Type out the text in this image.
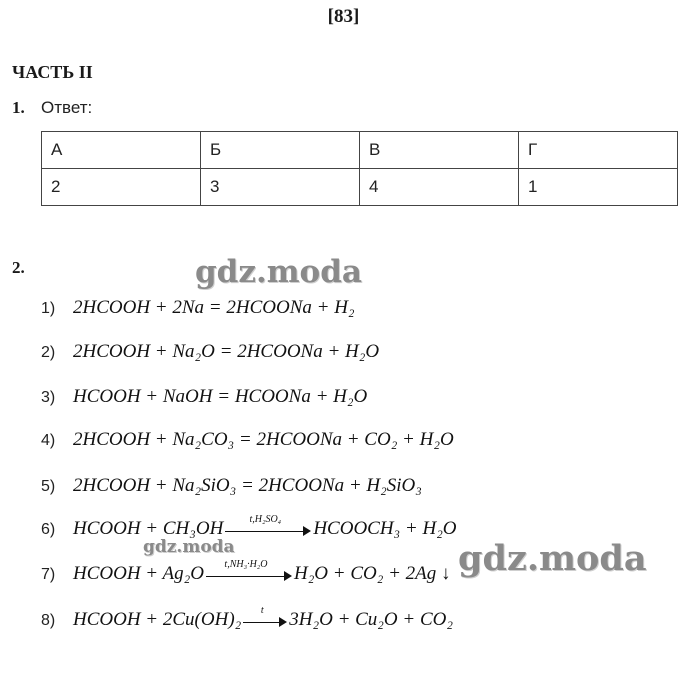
[83]
ЧАСТЬ II
1. Ответ:
А	Б	В	Г
2	3	4	1
2.
1) 2HCOOH + 2Na = 2HCOONa + H₂
2) 2HCOOH + Na₂O = 2HCOONa + H₂O
3) HCOOH + NaOH = HCOONa + H₂O
4) 2HCOOH + Na₂CO₃ = 2HCOONa + CO₂ + H₂O
5) 2HCOOH + Na₂SiO₃ = 2HCOONa + H₂SiO₃
6) HCOOH + CH₃OH	t,H₂SO₄	HCOOCH₃ + H₂O
7) HCOOH + Ag₂O	t,NH₃·H₂O	H₂O + CO₂ + 2Ag ↓
8) HCOOH + 2Cu(OH)₂	t	3H₂O + Cu₂O + CO₂
gdz.moda
gdz.moda	gdz.moda
